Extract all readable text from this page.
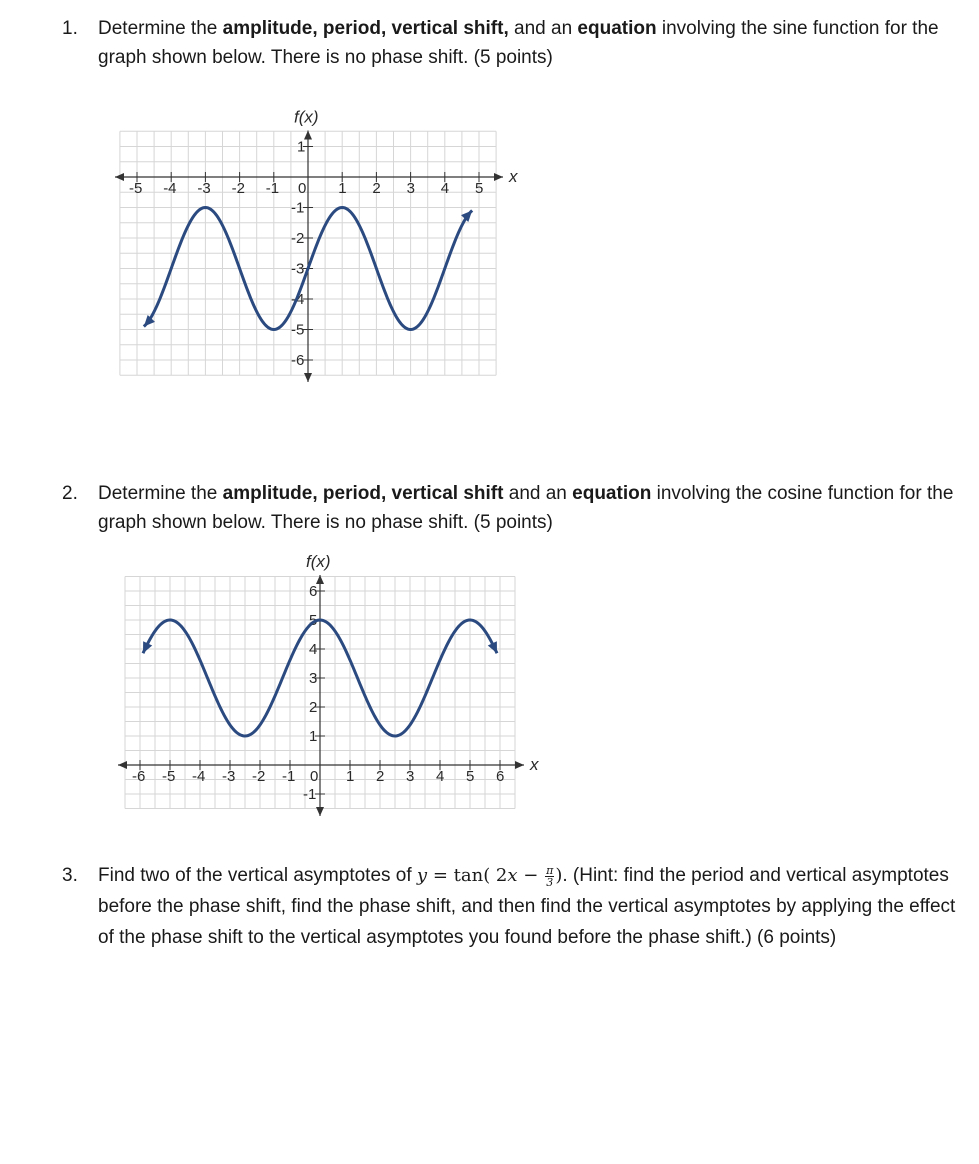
1. Determine the amplitude, period, vertical shift, and an equation involving the sine function for the graph shown below. There is no phase shift. (5 points)
x
f(x)
-5 -4 -3 -2 -1 0 1 2 3 4 5
1
-1
-2
-3
-4
-5
-6
2. Determine the amplitude, period, vertical shift and an equation involving the cosine function for the graph shown below. There is no phase shift. (5 points)
x
f(x)
-6 -5 -4 -3 -2 -1 0 1 2 3 4 5 6
6
5
4
3
2
1
-1
3. Find two of the vertical asymptotes of y = tan( $2x - \frac{\pi}{3}$ ). (Hint: find the period and vertical asymptotes before the phase shift, find the phase shift, and then find the vertical asymptotes by applying the effect of the phase shift to the vertical asymptotes you found before the phase shift.) (6 points)
